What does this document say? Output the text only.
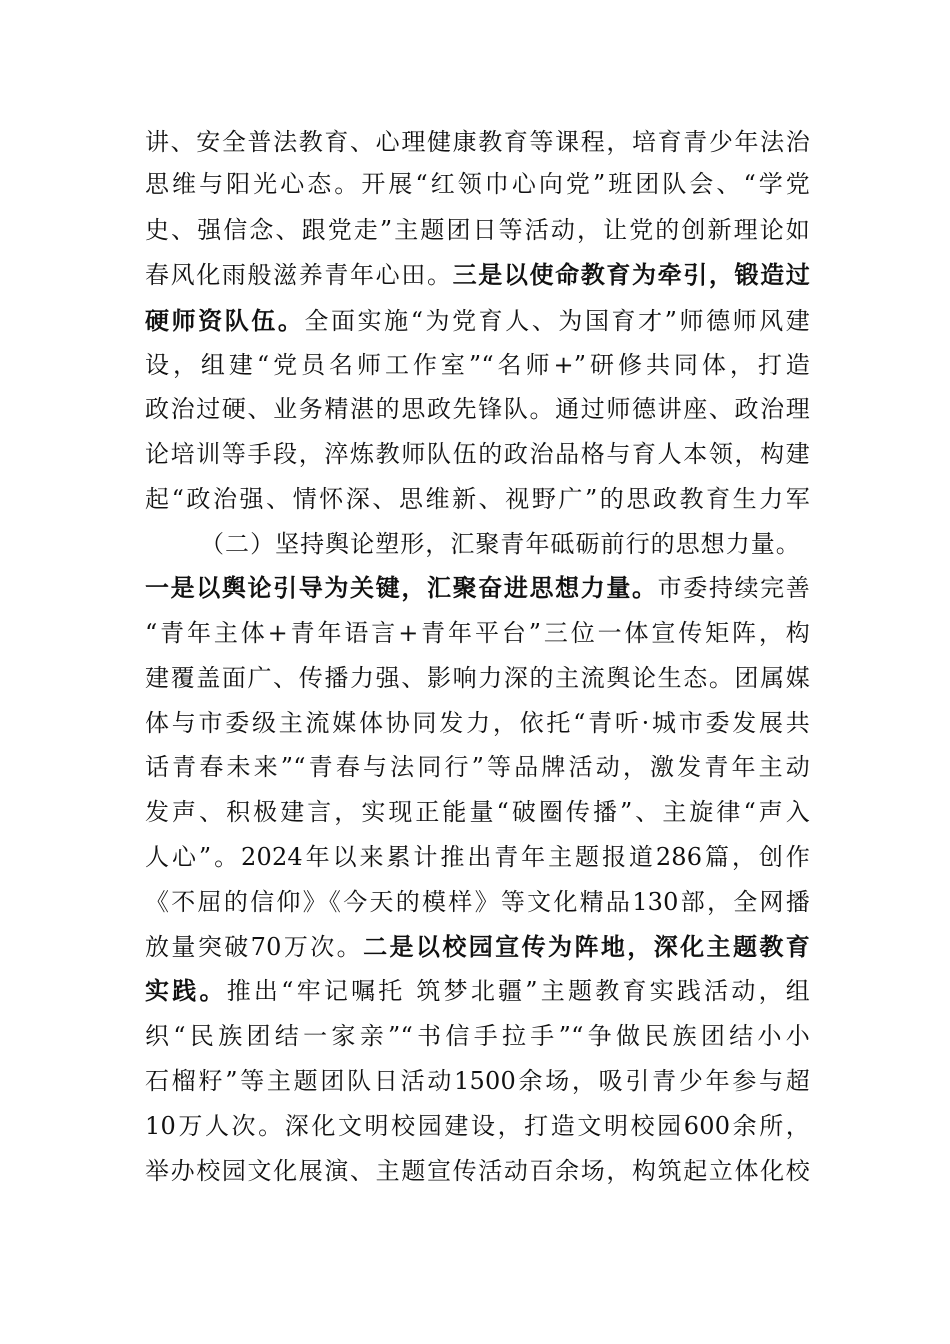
讲、安全普法教育、心理健康教育等课程，培育青少年法治
思维与阳光心态。开展“红领巾心向党”班团队会、“学党
史、强信念、跟党走”主题团日等活动，让党的创新理论如
春风化雨般滋养青年心田。三是以使命教育为牵引，锻造过
硬师资队伍。全面实施“为党育人、为国育才”师德师风建
设，组建“党员名师工作室”“名师+”研修共同体，打造
政治过硬、业务精湛的思政先锋队。通过师德讲座、政治理
论培训等手段，淬炼教师队伍的政治品格与育人本领，构建
起“政治强、情怀深、思维新、视野广”的思政教育生力军
（二）坚持舆论塑形，汇聚青年砥砺前行的思想力量。
一是以舆论引导为关键，汇聚奋进思想力量。市委持续完善
“青年主体+青年语言+青年平台”三位一体宣传矩阵，构
建覆盖面广、传播力强、影响力深的主流舆论生态。团属媒
体与市委级主流媒体协同发力，依托“青听·城市委发展共
话青春未来”“青春与法同行”等品牌活动，激发青年主动
发声、积极建言，实现正能量“破圈传播”、主旋律“声入
人心”。2024年以来累计推出青年主题报道286篇，创作
《不屈的信仰》《今天的模样》等文化精品130部，全网播
放量突破70万次。二是以校园宣传为阵地，深化主题教育
实践。推出“牢记嘱托 筑梦北疆”主题教育实践活动，组
织“民族团结一家亲”“书信手拉手”“争做民族团结小小
石榴籽”等主题团队日活动1500余场，吸引青少年参与超
10万人次。深化文明校园建设，打造文明校园600余所，
举办校园文化展演、主题宣传活动百余场，构筑起立体化校
